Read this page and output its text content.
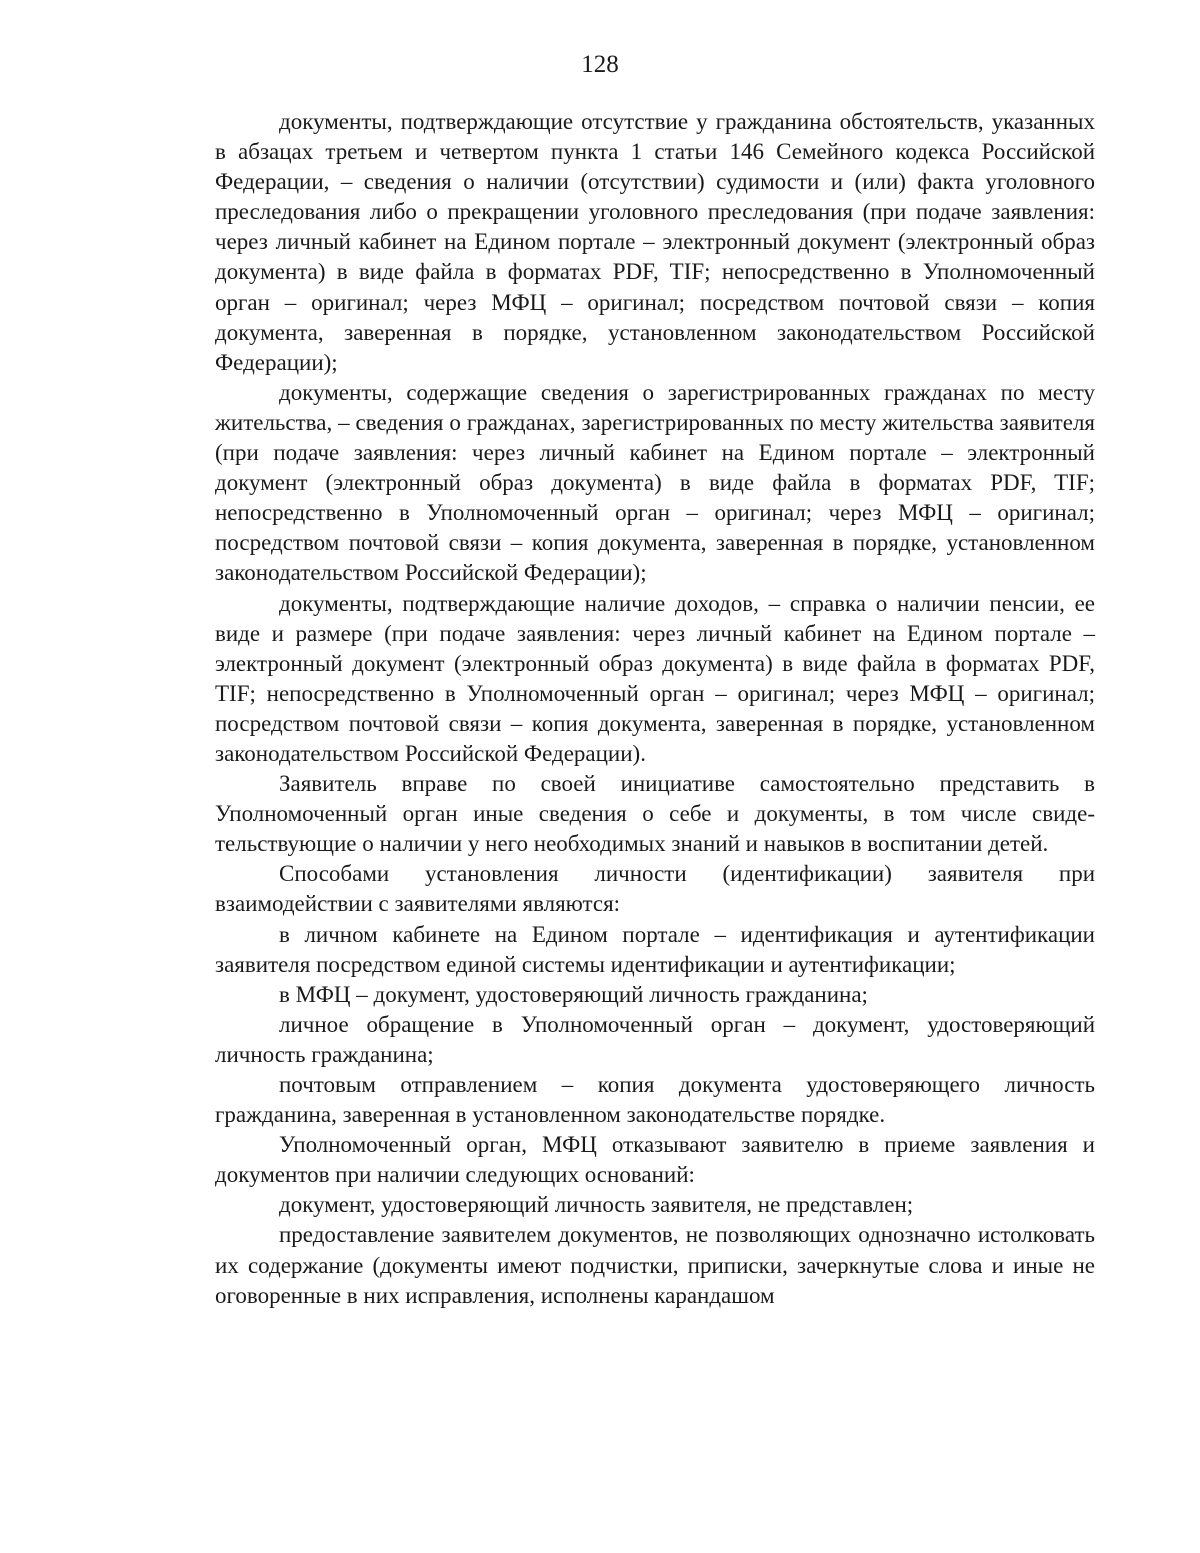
128

документы, подтверждающие отсутствие у гражданина обстоятельств, указанных в абзацах третьем и четвертом пункта 1 статьи 146 Семейного кодекса Российской Федерации, – сведения о наличии (отсутствии) судимости и (или) факта уголовного преследования либо о прекращении уголовного преследования (при подаче заявления: через личный кабинет на Едином портале – электронный документ (электронный образ документа) в виде файла в форматах PDF, TIF; непосредственно в Уполномоченный орган – оригинал; через МФЦ – оригинал; посредством почтовой связи – копия документа, заверенная в порядке, установленном законодательством Российской Федерации);

документы, содержащие сведения о зарегистрированных гражданах по месту жительства, – сведения о гражданах, зарегистрированных по месту жительства заявителя (при подаче заявления: через личный кабинет на Едином портале – электронный документ (электронный образ документа) в виде файла в форматах PDF, TIF; непосредственно в Уполномоченный орган – оригинал; через МФЦ – оригинал; посредством почтовой связи – копия документа, заверенная в порядке, установленном законодательством Российской Федерации);

документы, подтверждающие наличие доходов, – справка о наличии пенсии, ее виде и размере (при подаче заявления: через личный кабинет на Едином портале – электронный документ (электронный образ документа) в виде файла в форматах PDF, TIF; непосредственно в Уполномоченный орган – оригинал; через МФЦ – оригинал; посредством почтовой связи – копия документа, заверенная в порядке, установленном законодательством Российской Федерации).

Заявитель вправе по своей инициативе самостоятельно представить в Уполномоченный орган иные сведения о себе и документы, в том числе свидетельствующие о наличии у него необходимых знаний и навыков в воспитании детей.

Способами установления личности (идентификации) заявителя при взаимодействии с заявителями являются:

в личном кабинете на Едином портале – идентификация и аутентификации заявителя посредством единой системы идентификации и аутентификации;

в МФЦ – документ, удостоверяющий личность гражданина;

личное обращение в Уполномоченный орган – документ, удостоверяющий личность гражданина;

почтовым отправлением – копия документа удостоверяющего личность гражданина, заверенная в установленном законодательстве порядке.

Уполномоченный орган, МФЦ отказывают заявителю в приеме заявления и документов при наличии следующих оснований:

документ, удостоверяющий личность заявителя, не представлен;

предоставление заявителем документов, не позволяющих однозначно истолковать их содержание (документы имеют подчистки, приписки, зачеркнутые слова и иные не оговоренные в них исправления, исполнены карандашом
